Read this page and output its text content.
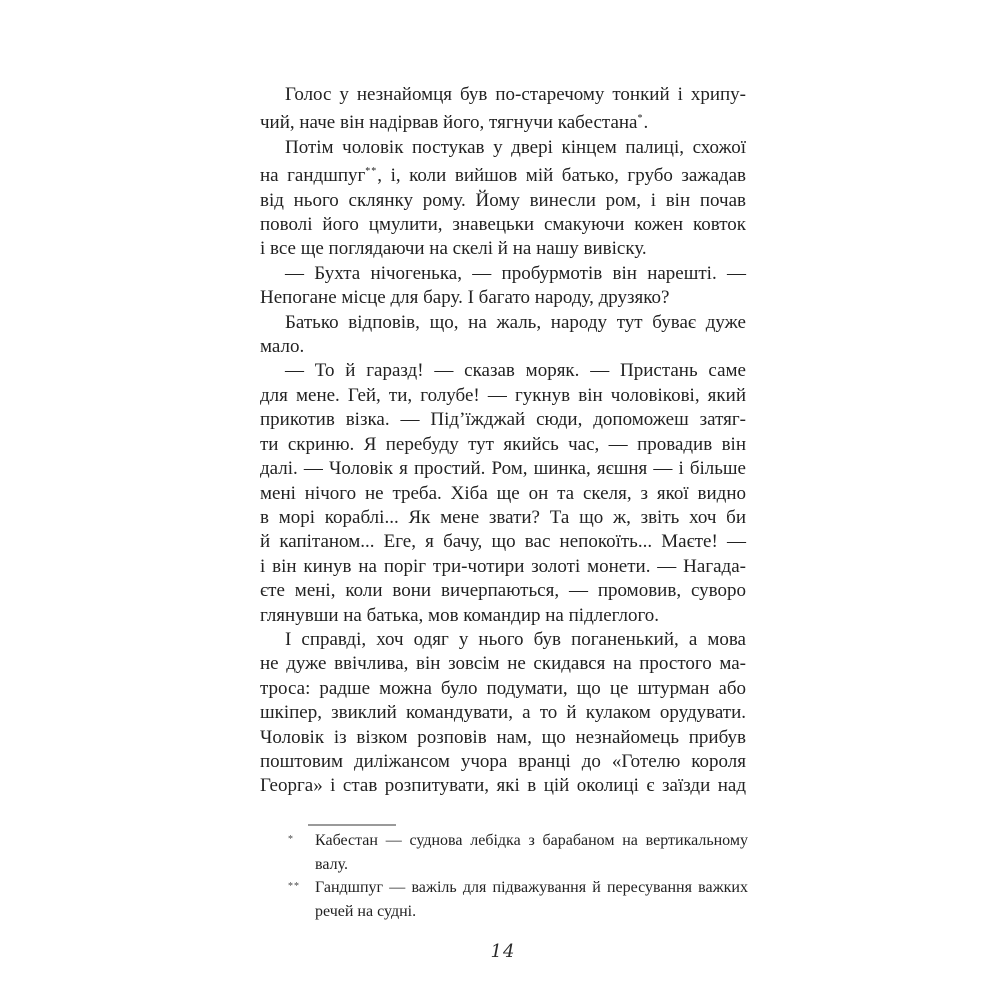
Голос у незнайомця був по-старечому тонкий і хрипу-
чий, наче він надірвав його, тягнучи кабестана*.
Потім чоловік постукав у двері кінцем палиці, схожої
на гандшпуг**, і, коли вийшов мій батько, грубо зажадав
від нього склянку рому. Йому винесли ром, і він почав
поволі його цмулити, знавецьки смакуючи кожен ковток
і все ще поглядаючи на скелі й на нашу вивіску.
— Бухта нічогенька, — пробурмотів він нарешті. —
Непогане місце для бару. І багато народу, друзяко?
Батько відповів, що, на жаль, народу тут буває дуже
мало.
— То й гаразд! — сказав моряк. — Пристань саме
для мене. Гей, ти, голубе! — гукнув він чоловікові, який
прикотив візка. — Під’їжджай сюди, допоможеш затяг-
ти скриню. Я перебуду тут якийсь час, — провадив він
далі. — Чоловік я простий. Ром, шинка, яєшня — і більше
мені нічого не треба. Хіба ще он та скеля, з якої видно
в морі кораблі... Як мене звати? Та що ж, звіть хоч би
й капітаном... Еге, я бачу, що вас непокоїть... Маєте! —
і він кинув на поріг три-чотири золоті монети. — Нагада-
єте мені, коли вони вичерпаються, — промовив, суворо
глянувши на батька, мов командир на підлеглого.
І справді, хоч одяг у нього був поганенький, а мова
не дуже ввічлива, він зовсім не скидався на простого ма-
троса: радше можна було подумати, що це штурман або
шкіпер, звиклий командувати, а то й кулаком орудувати.
Чоловік із візком розповів нам, що незнайомець прибув
поштовим диліжансом учора вранці до «Готелю короля
Георга» і став розпитувати, які в цій околиці є заїзди над
*	Кабестан — суднова лебідка з барабаном на вертикальному
валу.
** Гандшпуг — важіль для підважування й пересування важких
речей на судні.
14
